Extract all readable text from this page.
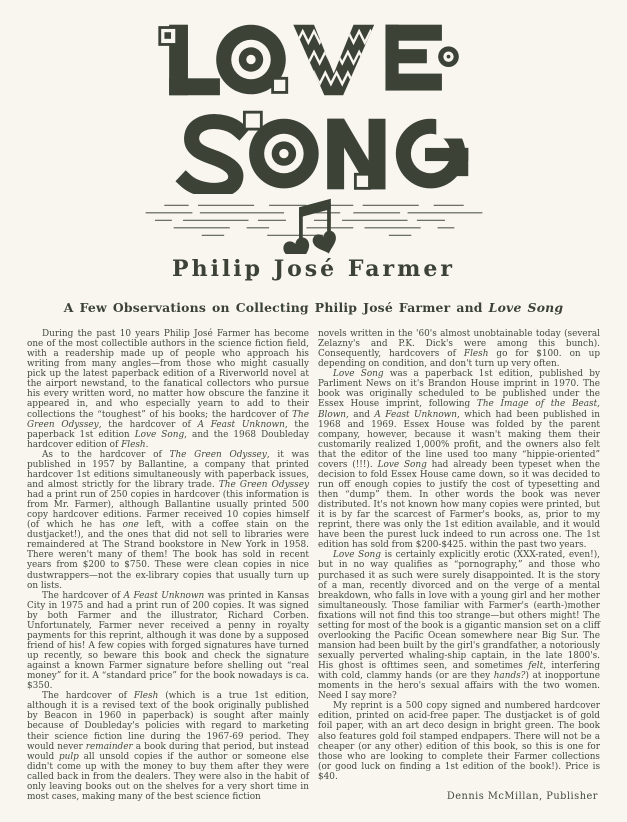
Philip José Farmer
A Few Observations on Collecting Philip José Farmer and Love Song

During the past 10 years Philip José Farmer has become one of the most collectible authors in the science fiction field, with a readership made up of people who approach his writing from many angles—from those who might casually pick up the latest paperback edition of a Riverworld novel at the airport newstand, to the fanatical collectors who pursue his every written word, no matter how obscure the fanzine it appeared in, and who especially yearn to add to their collections the “toughest” of his books; the hardcover of The Green Odyssey, the hardcover of A Feast Unknown, the paperback 1st edition Love Song, and the 1968 Doubleday hardcover edition of Flesh.

As to the hardcover of The Green Odyssey, it was published in 1957 by Ballantine, a company that printed hardcover 1st editions simultaneously with paperback issues, and almost strictly for the library trade. The Green Odyssey had a print run of 250 copies in hardcover (this information is from Mr. Farmer), although Ballantine usually printed 500 copy hardcover editions. Farmer received 10 copies himself (of which he has one left, with a coffee stain on the dustjacket!), and the ones that did not sell to libraries were remaindered at The Strand bookstore in New York in 1958. There weren't many of them! The book has sold in recent years from $200 to $750. These were clean copies in nice dustwrappers—not the ex-library copies that usually turn up on lists.

The hardcover of A Feast Unknown was printed in Kansas City in 1975 and had a print run of 200 copies. It was signed by both Farmer and the illustrator, Richard Corben. Unfortunately, Farmer never received a penny in royalty payments for this reprint, although it was done by a supposed friend of his! A few copies with forged signatures have turned up recently, so beware this book and check the signature against a known Farmer signature before shelling out “real money” for it. A “standard price” for the book nowadays is ca. $350.

The hardcover of Flesh (which is a true 1st edition, although it is a revised text of the book originally published by Beacon in 1960 in paperback) is sought after mainly because of Doubleday's policies with regard to marketing their science fiction line during the 1967-69 period. They would never remainder a book during that period, but instead would pulp all unsold copies if the author or someone else didn't come up with the money to buy them after they were called back in from the dealers. They were also in the habit of only leaving books out on the shelves for a very short time in most cases, making many of the best science fiction

novels written in the '60's almost unobtainable today (several Zelazny's and P.K. Dick's were among this bunch). Consequently, hardcovers of Flesh go for $100. on up depending on condition, and don't turn up very often.

Love Song was a paperback 1st edition, published by Parliment News on it's Brandon House imprint in 1970. The book was originally scheduled to be published under the Essex House imprint, following The Image of the Beast, Blown, and A Feast Unknown, which had been published in 1968 and 1969. Essex House was folded by the parent company, however, because it wasn't making them their customarily realized 1,000% profit, and the owners also felt that the editor of the line used too many “hippie-oriented” covers (!!!). Love Song had already been typeset when the decision to fold Essex House came down, so it was decided to run off enough copies to justify the cost of typesetting and then “dump” them. In other words the book was never distributed. It's not known how many copies were printed, but it is by far the scarcest of Farmer's books, as, prior to my reprint, there was only the 1st edition available, and it would have been the purest luck indeed to run across one. The 1st edition has sold from $200-$425. within the past two years.

Love Song is certainly explicitly erotic (XXX-rated, even!), but in no way qualifies as “pornography,” and those who purchased it as such were surely disappointed. It is the story of a man, recently divorced and on the verge of a mental breakdown, who falls in love with a young girl and her mother simultaneously. Those familiar with Farmer's (earth-)mother fixations will not find this too strange—but others might! The setting for most of the book is a gigantic mansion set on a cliff overlooking the Pacific Ocean somewhere near Big Sur. The mansion had been built by the girl's grandfather, a notoriously sexually perverted whaling-ship captain, in the late 1800's. His ghost is ofttimes seen, and sometimes felt, interfering with cold, clammy hands (or are they hands?) at inopportune moments in the hero's sexual affairs with the two women. Need I say more?

My reprint is a 500 copy signed and numbered hardcover edition, printed on acid-free paper. The dustjacket is of gold foil paper, with an art deco design in bright green. The book also features gold foil stamped endpapers. There will not be a cheaper (or any other) edition of this book, so this is one for those who are looking to complete their Farmer collections (or good luck on finding a 1st edition of the book!). Price is $40.

Dennis McMillan, Publisher
